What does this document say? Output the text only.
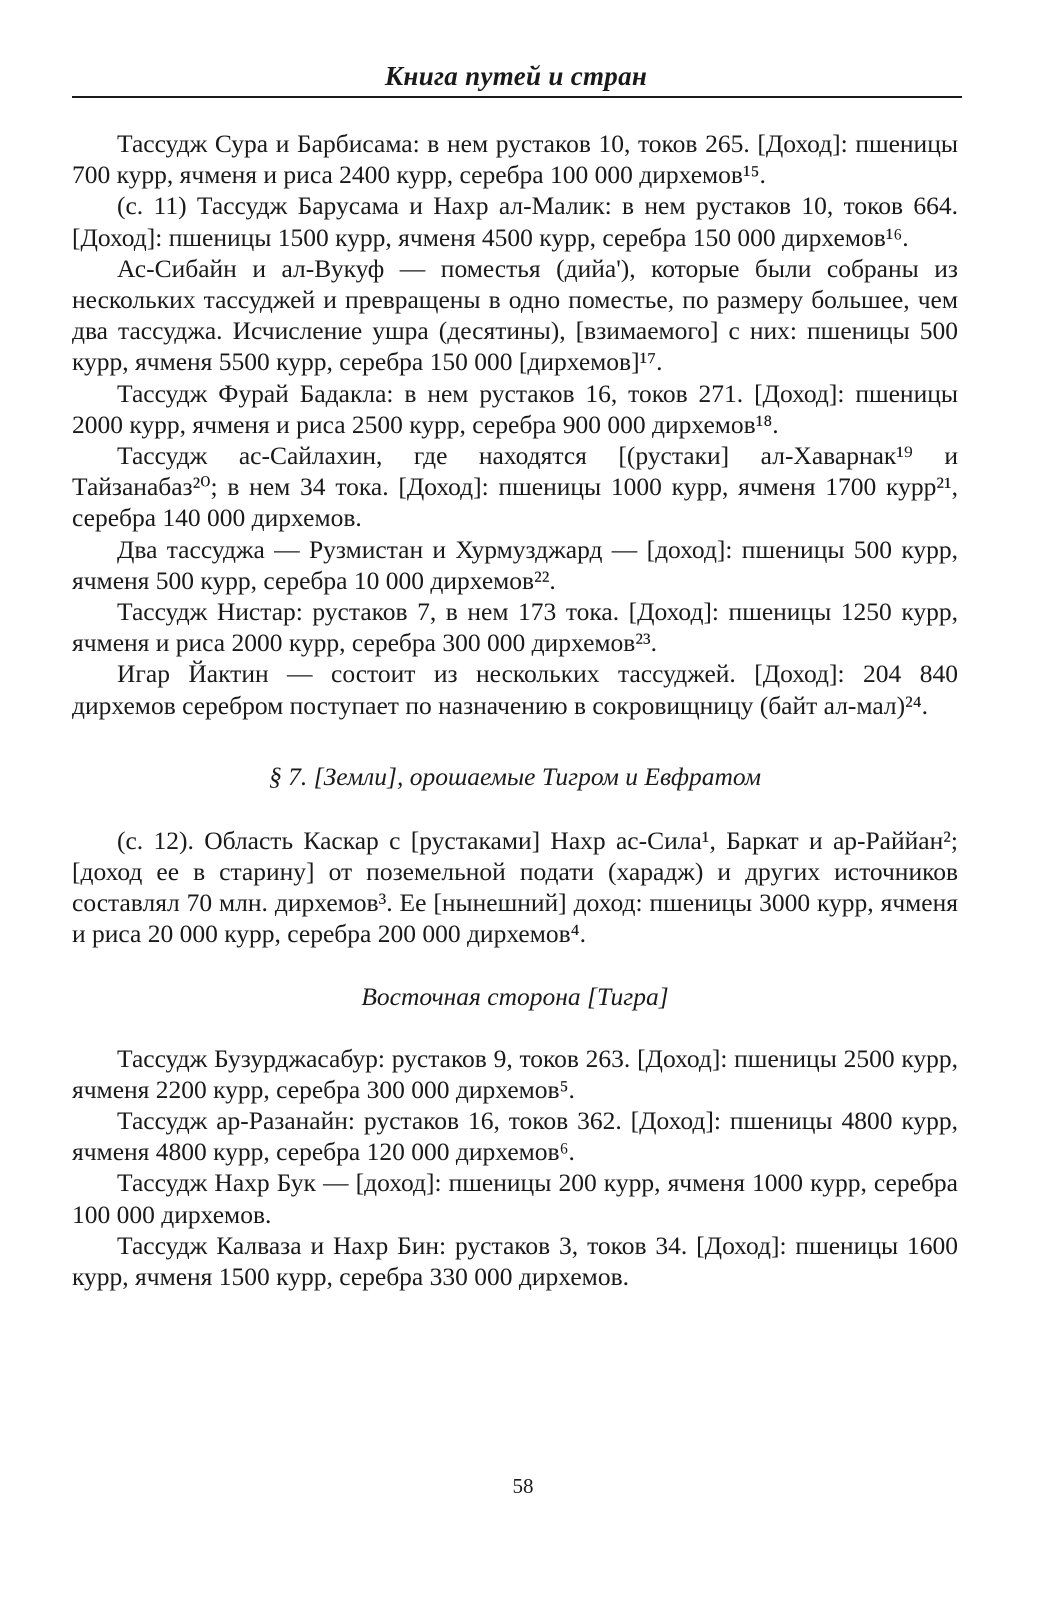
Книга путей и стран

Тассудж Сура и Барбисама: в нем рустаков 10, токов 265. [Доход]: пшеницы 700 курр, ячменя и риса 2400 курр, серебра 100 000 дирхемов¹⁵.

(с. 11) Тассудж Барусама и Нахр ал-Малик: в нем рустаков 10, токов 664. [Доход]: пшеницы 1500 курр, ячменя 4500 курр, серебра 150 000 дирхемов¹⁶.

Ас-Сибайн и ал-Вукуф — поместья (дийа'), которые были собраны из нескольких тассуджей и превращены в одно поместье, по размеру большее, чем два тассуджа. Исчисление ушра (десятины), [взимаемого] с них: пшеницы 500 курр, ячменя 5500 курр, серебра 150 000 [дирхемов]¹⁷.

Тассудж Фурай Бадакла: в нем рустаков 16, токов 271. [Доход]: пшеницы 2000 курр, ячменя и риса 2500 курр, серебра 900 000 дирхемов¹⁸.

Тассудж ас-Сайлахин, где находятся [(рустаки] ал-Хаварнак¹⁹ и Тайзанабаз²⁰; в нем 34 тока. [Доход]: пшеницы 1000 курр, ячменя 1700 курр²¹, серебра 140 000 дирхемов.

Два тассуджа — Рузмистан и Хурмузджард — [доход]: пшеницы 500 курр, ячменя 500 курр, серебра 10 000 дирхемов²².

Тассудж Нистар: рустаков 7, в нем 173 тока. [Доход]: пшеницы 1250 курр, ячменя и риса 2000 курр, серебра 300 000 дирхемов²³.

Игар Йактин — состоит из нескольких тассуджей. [Доход]: 204 840 дирхемов серебром поступает по назначению в сокровищницу (байт ал-мал)²⁴.

§ 7. [Земли], орошаемые Тигром и Евфратом

(с. 12). Область Каскар с [рустаками] Нахр ас-Сила¹, Баркат и ар-Раййан²; [доход ее в старину] от поземельной подати (харадж) и других источников составлял 70 млн. дирхемов³. Ее [нынешний] доход: пшеницы 3000 курр, ячменя и риса 20 000 курр, серебра 200 000 дирхемов⁴.

Восточная сторона [Тигра]

Тассудж Бузурджасабур: рустаков 9, токов 263. [Доход]: пшеницы 2500 курр, ячменя 2200 курр, серебра 300 000 дирхемов⁵.

Тассудж ар-Разанайн: рустаков 16, токов 362. [Доход]: пшеницы 4800 курр, ячменя 4800 курр, серебра 120 000 дирхемов⁶.

Тассудж Нахр Бук — [доход]: пшеницы 200 курр, ячменя 1000 курр, серебра 100 000 дирхемов.

Тассудж Калваза и Нахр Бин: рустаков 3, токов 34. [Доход]: пшеницы 1600 курр, ячменя 1500 курр, серебра 330 000 дирхемов.

58
